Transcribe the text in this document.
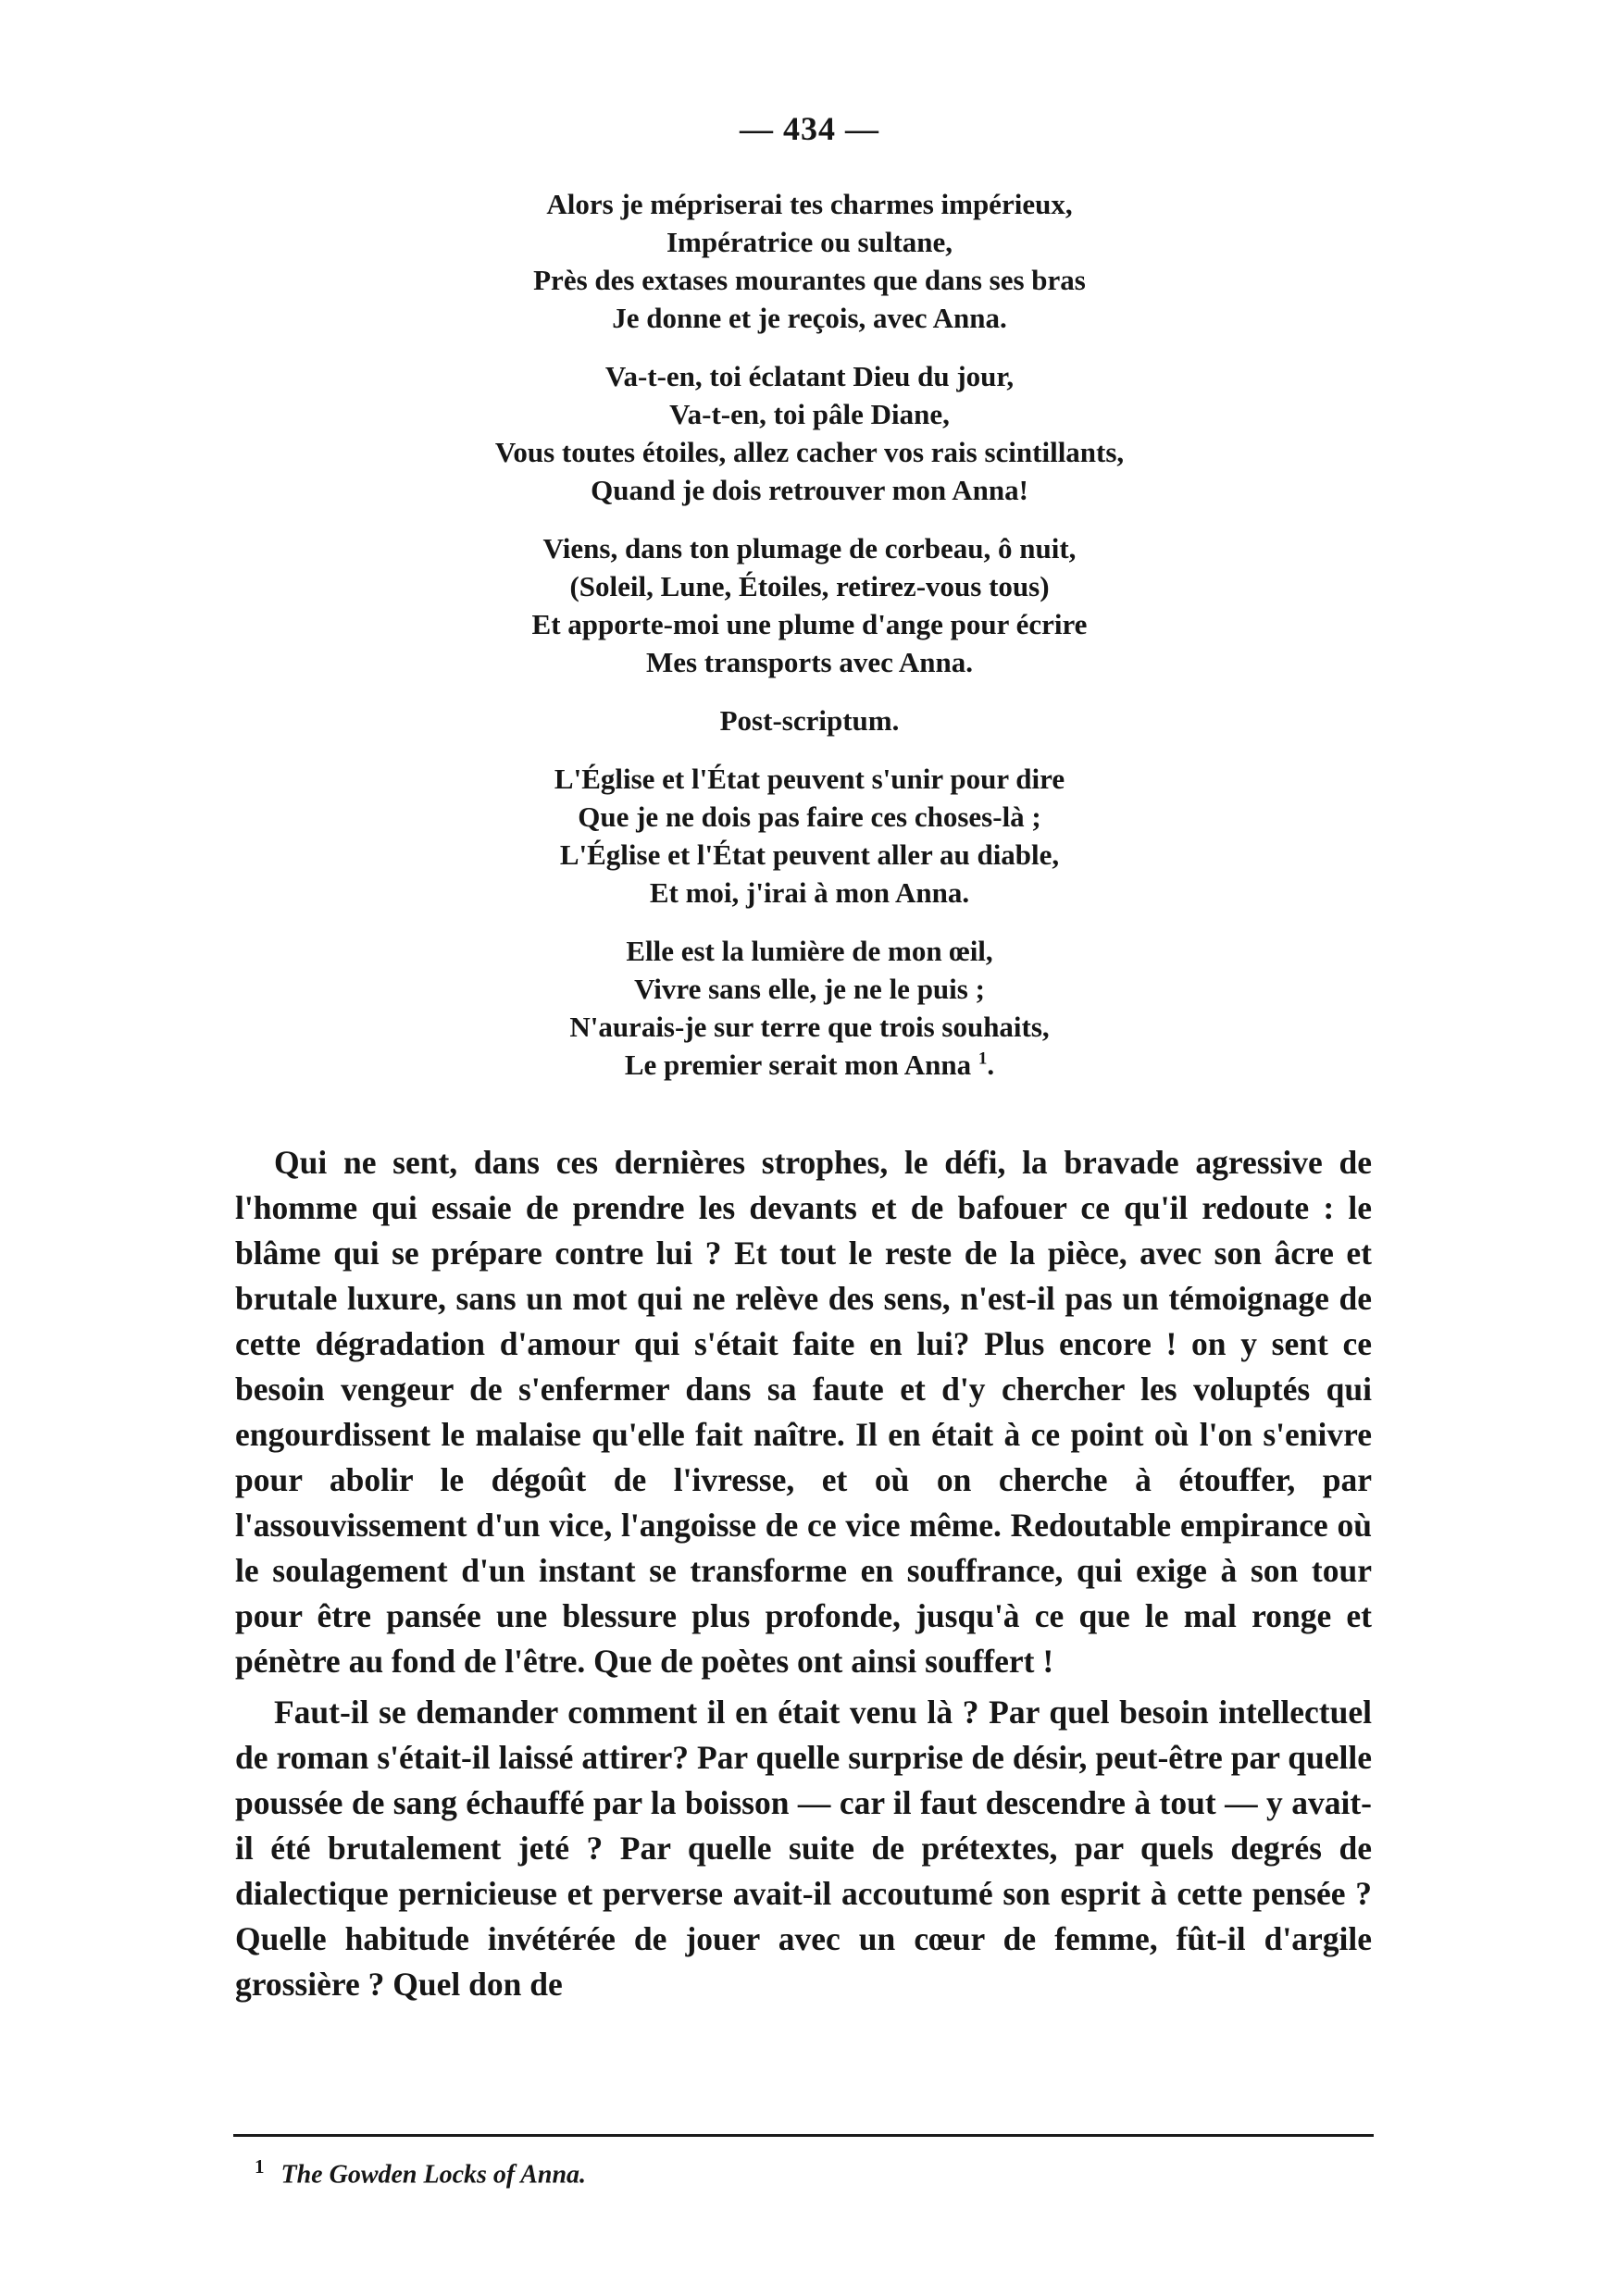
— 434 —
Alors je mépriserai tes charmes impérieux,
Impératrice ou sultane,
Près des extases mourantes que dans ses bras
Je donne et je reçois, avec Anna.
Va-t-en, toi éclatant Dieu du jour,
Va-t-en, toi pâle Diane,
Vous toutes étoiles, allez cacher vos rais scintillants,
Quand je dois retrouver mon Anna!
Viens, dans ton plumage de corbeau, ô nuit,
(Soleil, Lune, Étoiles, retirez-vous tous)
Et apporte-moi une plume d'ange pour écrire
Mes transports avec Anna.
Post-scriptum.
L'Église et l'État peuvent s'unir pour dire
Que je ne dois pas faire ces choses-là ;
L'Église et l'État peuvent aller au diable,
Et moi, j'irai à mon Anna.
Elle est la lumière de mon œil,
Vivre sans elle, je ne le puis ;
N'aurais-je sur terre que trois souhaits,
Le premier serait mon Anna $^1$.

Qui ne sent, dans ces dernières strophes, le défi, la bravade agressive de l'homme qui essaie de prendre les devants et de bafouer ce qu'il redoute : le blâme qui se prépare contre lui ? Et tout le reste de la pièce, avec son âcre et brutale luxure, sans un mot qui ne relève des sens, n'est-il pas un témoignage de cette dégradation d'amour qui s'était faite en lui? Plus encore ! on y sent ce besoin vengeur de s'enfermer dans sa faute et d'y chercher les voluptés qui engourdissent le malaise qu'elle fait naître. Il en était à ce point où l'on s'enivre pour abolir le dégoût de l'ivresse, et où on cherche à étouffer, par l'assouvissement d'un vice, l'angoisse de ce vice même. Redoutable empirance où le soulagement d'un instant se transforme en souffrance, qui exige à son tour pour être pansée une blessure plus profonde, jusqu'à ce que le mal ronge et pénètre au fond de l'être. Que de poètes ont ainsi souffert !

Faut-il se demander comment il en était venu là ? Par quel besoin intellectuel de roman s'était-il laissé attirer? Par quelle surprise de désir, peut-être par quelle poussée de sang échauffé par la boisson — car il faut descendre à tout — y avait-il été brutalement jeté ? Par quelle suite de prétextes, par quels degrés de dialectique pernicieuse et perverse avait-il accoutumé son esprit à cette pensée ? Quelle habitude invétérée de jouer avec un cœur de femme, fût-il d'argile grossière ? Quel don de

$^1$ The Gowden Locks of Anna.
